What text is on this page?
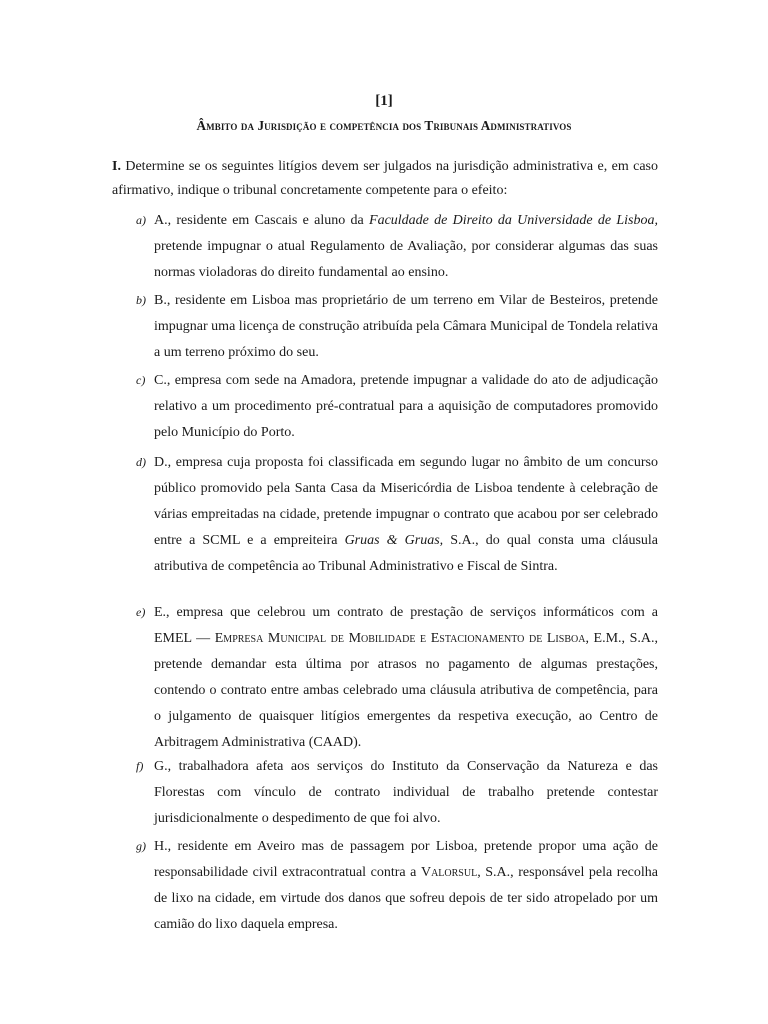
[1]
Âmbito da Jurisdição e competência dos Tribunais Administrativos
I. Determine se os seguintes litígios devem ser julgados na jurisdição administrativa e, em caso afirmativo, indique o tribunal concretamente competente para o efeito:
a) A., residente em Cascais e aluno da Faculdade de Direito da Universidade de Lisboa, pretende impugnar o atual Regulamento de Avaliação, por considerar algumas das suas normas violadoras do direito fundamental ao ensino.
b) B., residente em Lisboa mas proprietário de um terreno em Vilar de Besteiros, pretende impugnar uma licença de construção atribuída pela Câmara Municipal de Tondela relativa a um terreno próximo do seu.
c) C., empresa com sede na Amadora, pretende impugnar a validade do ato de adjudicação relativo a um procedimento pré-contratual para a aquisição de computadores promovido pelo Município do Porto.
d) D., empresa cuja proposta foi classificada em segundo lugar no âmbito de um concurso público promovido pela Santa Casa da Misericórdia de Lisboa tendente à celebração de várias empreitadas na cidade, pretende impugnar o contrato que acabou por ser celebrado entre a SCML e a empreiteira Gruas & Gruas, S.A., do qual consta uma cláusula atributiva de competência ao Tribunal Administrativo e Fiscal de Sintra.
e) E., empresa que celebrou um contrato de prestação de serviços informáticos com a EMEL — Empresa Municipal de Mobilidade e Estacionamento de Lisboa, E.M., S.A., pretende demandar esta última por atrasos no pagamento de algumas prestações, contendo o contrato entre ambas celebrado uma cláusula atributiva de competência, para o julgamento de quaisquer litígios emergentes da respetiva execução, ao Centro de Arbitragem Administrativa (CAAD).
f) G., trabalhadora afeta aos serviços do Instituto da Conservação da Natureza e das Florestas com vínculo de contrato individual de trabalho pretende contestar jurisdicionalmente o despedimento de que foi alvo.
g) H., residente em Aveiro mas de passagem por Lisboa, pretende propor uma ação de responsabilidade civil extracontratual contra a Valorsul, S.A., responsável pela recolha de lixo na cidade, em virtude dos danos que sofreu depois de ter sido atropelado por um camião do lixo daquela empresa.
